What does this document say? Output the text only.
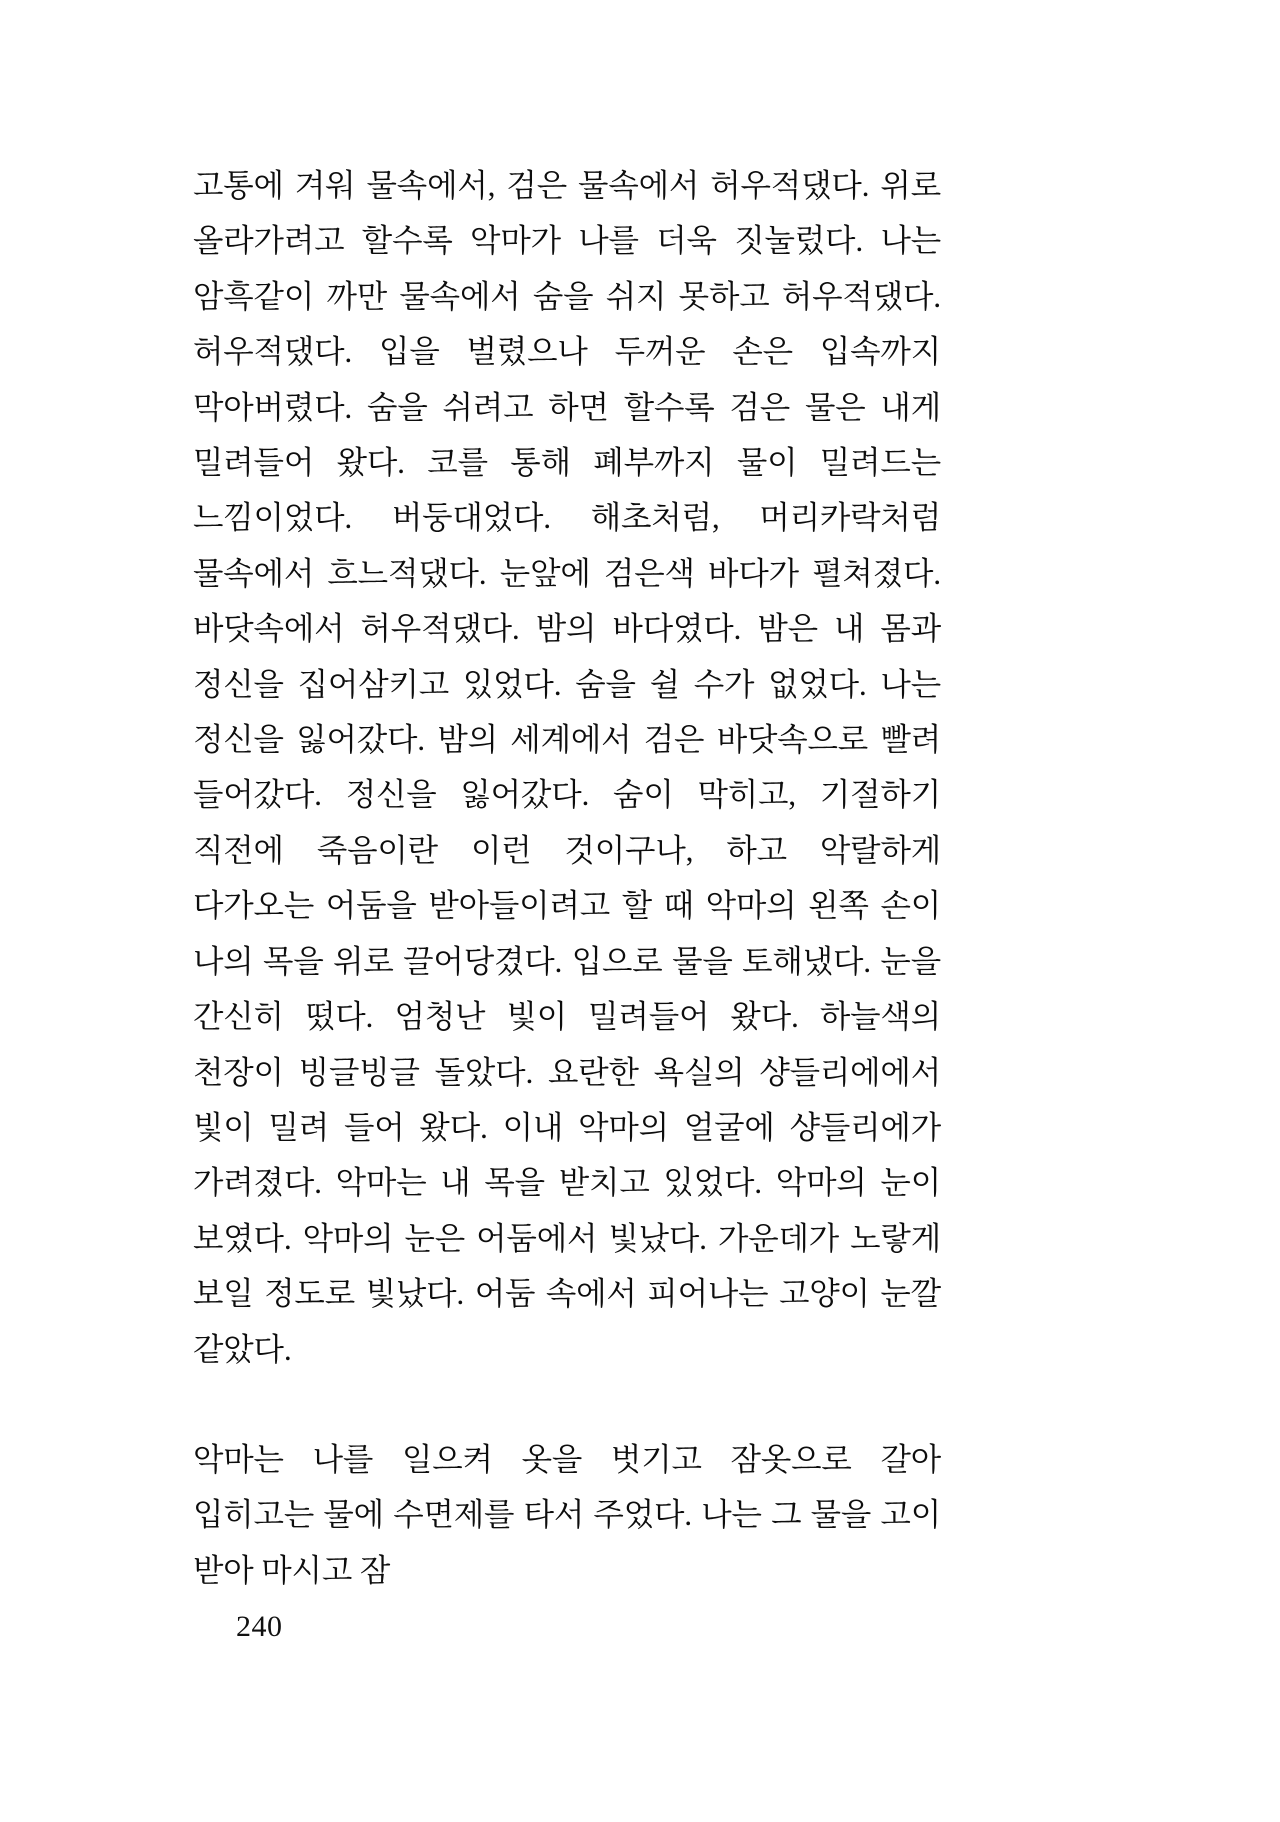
고통에 겨워 물속에서, 검은 물속에서 허우적댔다. 위로 올라가려고 할수록 악마가 나를 더욱 짓눌렀다. 나는 암흑같이 까만 물속에서 숨을 쉬지 못하고 허우적댔다. 허우적댔다. 입을 벌렸으나 두꺼운 손은 입속까지 막아버렸다. 숨을 쉬려고 하면 할수록 검은 물은 내게 밀려들어 왔다. 코를 통해 폐부까지 물이 밀려드는 느낌이었다. 버둥대었다. 해초처럼, 머리카락처럼 물속에서 흐느적댔다. 눈앞에 검은색 바다가 펼쳐졌다. 바닷속에서 허우적댔다. 밤의 바다였다. 밤은 내 몸과 정신을 집어삼키고 있었다. 숨을 쉴 수가 없었다. 나는 정신을 잃어갔다. 밤의 세계에서 검은 바닷속으로 빨려 들어갔다. 정신을 잃어갔다. 숨이 막히고, 기절하기 직전에 죽음이란 이런 것이구나, 하고 악랄하게 다가오는 어둠을 받아들이려고 할 때 악마의 왼쪽 손이 나의 목을 위로 끌어당겼다. 입으로 물을 토해냈다. 눈을 간신히 떴다. 엄청난 빛이 밀려들어 왔다. 하늘색의 천장이 빙글빙글 돌았다. 요란한 욕실의 샹들리에에서 빛이 밀려 들어 왔다. 이내 악마의 얼굴에 샹들리에가 가려졌다. 악마는 내 목을 받치고 있었다. 악마의 눈이 보였다. 악마의 눈은 어둠에서 빛났다. 가운데가 노랗게 보일 정도로 빛났다. 어둠 속에서 피어나는 고양이 눈깔 같았다.

악마는 나를 일으켜 옷을 벗기고 잠옷으로 갈아 입히고는 물에 수면제를 타서 주었다. 나는 그 물을 고이 받아 마시고 잠

240
